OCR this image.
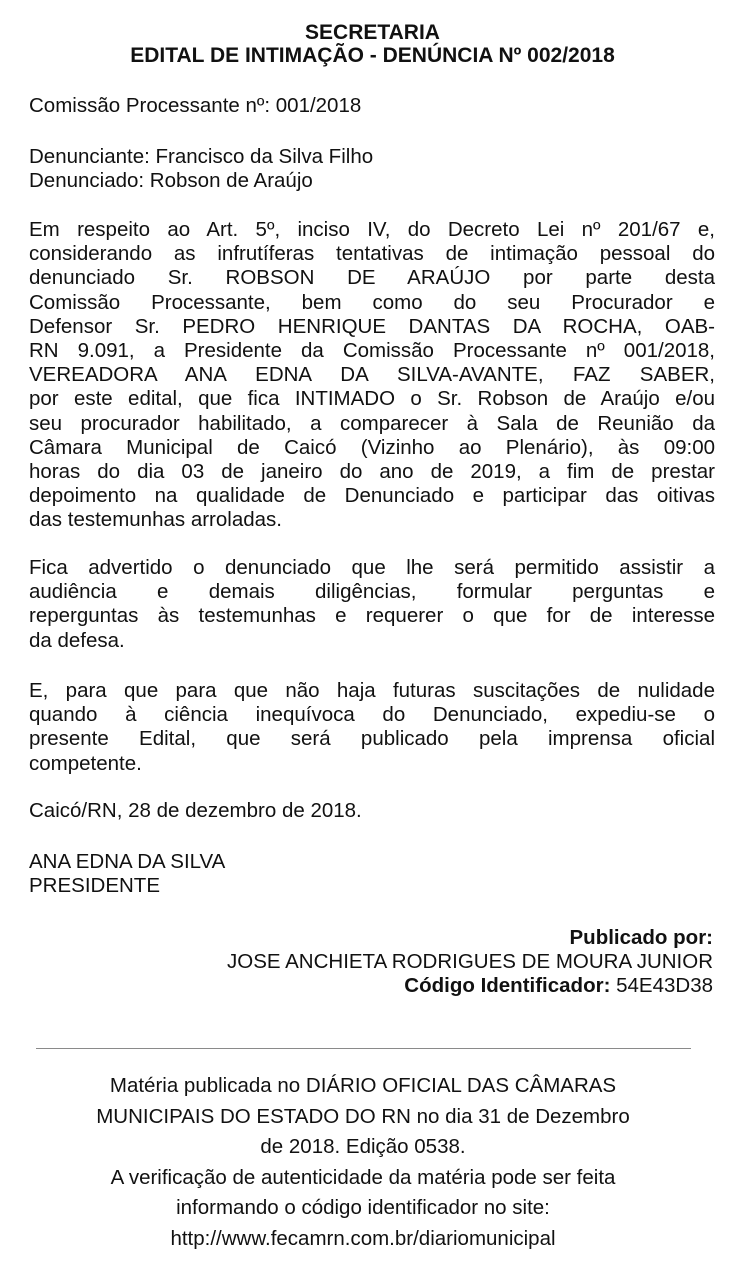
SECRETARIA
EDITAL DE INTIMAÇÃO - DENÚNCIA Nº 002/2018
Comissão Processante nº: 001/2018
Denunciante: Francisco da Silva Filho
Denunciado: Robson de Araújo
Em respeito ao Art. 5º, inciso IV, do Decreto Lei nº 201/67 e,
considerando as infrutíferas tentativas de intimação pessoal do
denunciado Sr. ROBSON DE ARAÚJO por parte desta
Comissão Processante, bem como do seu Procurador e
Defensor Sr. PEDRO HENRIQUE DANTAS DA ROCHA, OAB-
RN 9.091, a Presidente da Comissão Processante nº 001/2018,
VEREADORA ANA EDNA DA SILVA-AVANTE, FAZ SABER,
por este edital, que fica INTIMADO o Sr. Robson de Araújo e/ou
seu procurador habilitado, a comparecer à Sala de Reunião da
Câmara Municipal de Caicó (Vizinho ao Plenário), às 09:00
horas do dia 03 de janeiro do ano de 2019, a fim de prestar
depoimento na qualidade de Denunciado e participar das oitivas
das testemunhas arroladas.
Fica advertido o denunciado que lhe será permitido assistir a
audiência e demais diligências, formular perguntas e
reperguntas às testemunhas e requerer o que for de interesse
da defesa.
E, para que para que não haja futuras suscitações de nulidade
quando à ciência inequívoca do Denunciado, expediu-se o
presente Edital, que será publicado pela imprensa oficial
competente.
Caicó/RN, 28 de dezembro de 2018.
ANA EDNA DA SILVA
PRESIDENTE
Publicado por:
JOSE ANCHIETA RODRIGUES DE MOURA JUNIOR
Código Identificador: 54E43D38
Matéria publicada no DIÁRIO OFICIAL DAS CÂMARAS
MUNICIPAIS DO ESTADO DO RN no dia 31 de Dezembro
de 2018. Edição 0538.
A verificação de autenticidade da matéria pode ser feita
informando o código identificador no site:
http://www.fecamrn.com.br/diariomunicipal
